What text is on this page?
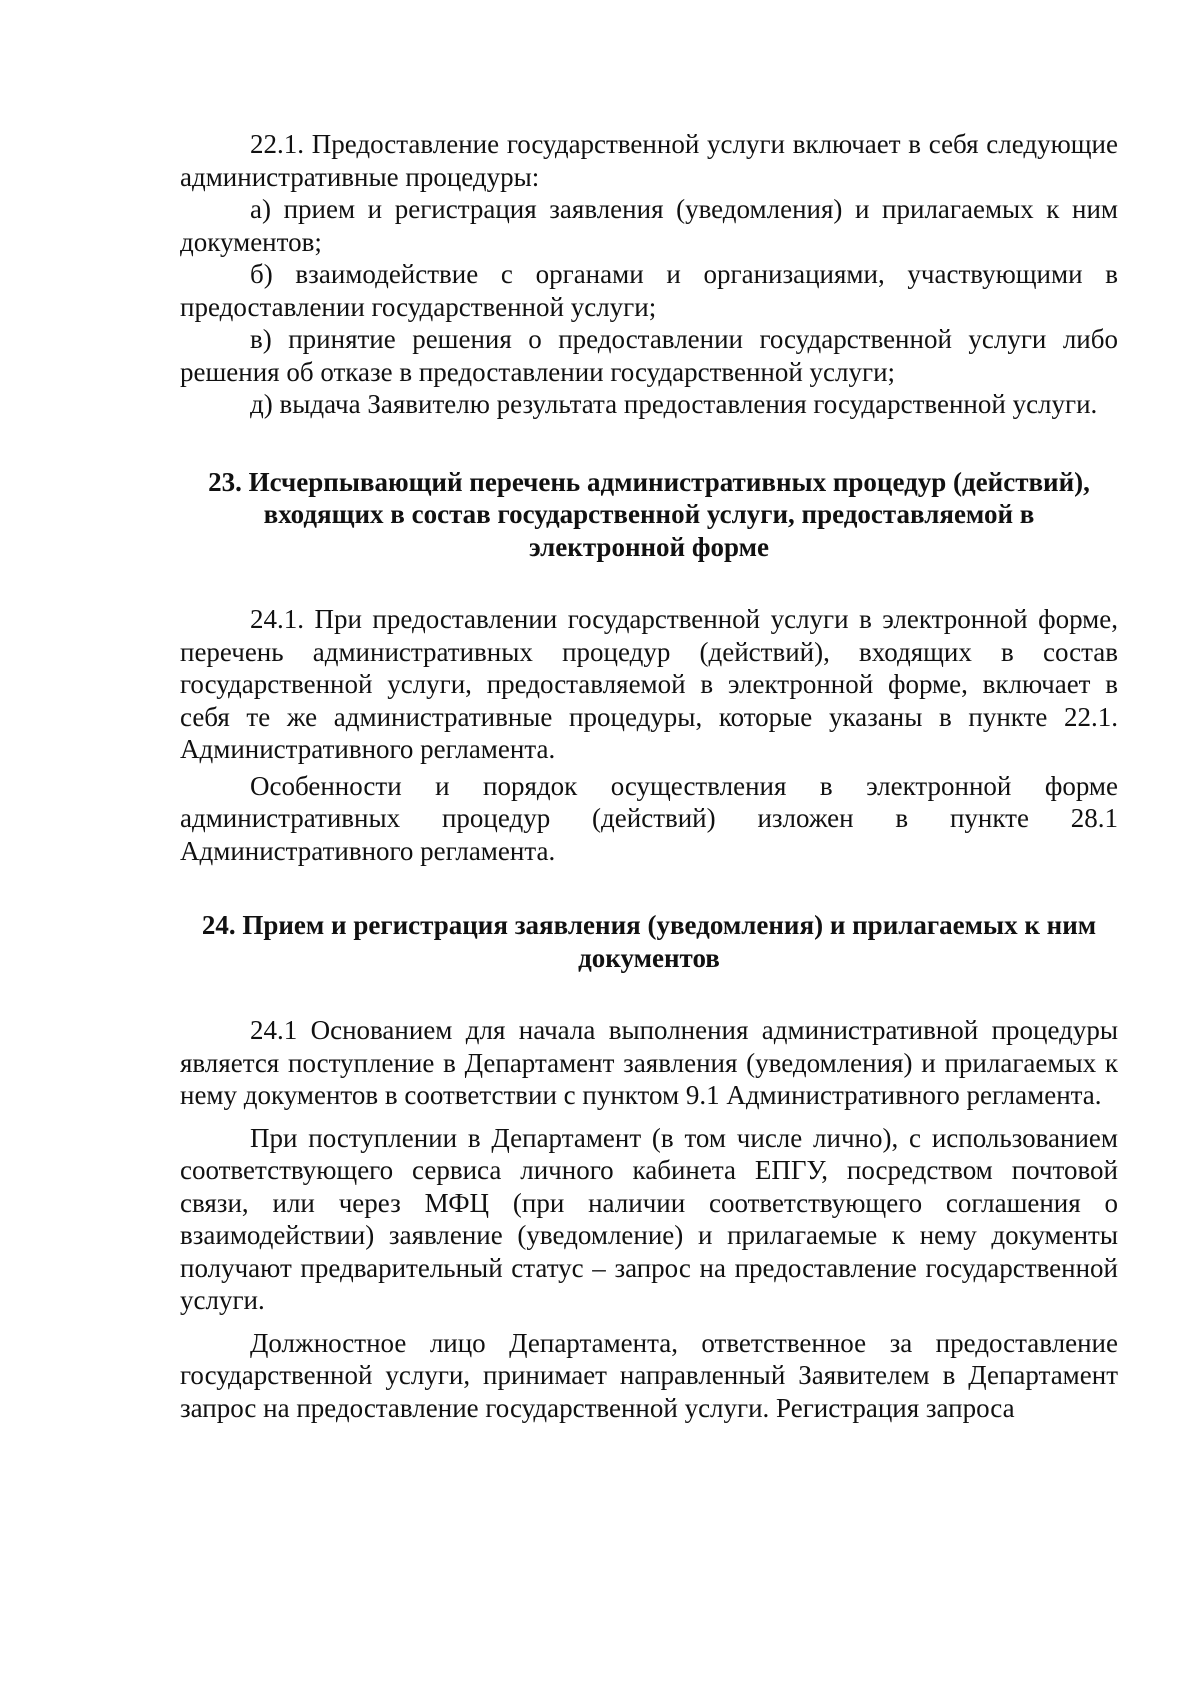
22.1. Предоставление государственной услуги включает в себя следующие административные процедуры:

а) прием и регистрация заявления (уведомления) и прилагаемых к ним документов;

б) взаимодействие с органами и организациями, участвующими в предоставлении государственной услуги;

в) принятие решения о предоставлении государственной услуги либо решения об отказе в предоставлении государственной услуги;

д) выдача Заявителю результата предоставления государственной услуги.

23. Исчерпывающий перечень административных процедур (действий), входящих в состав государственной услуги, предоставляемой в электронной форме

24.1. При предоставлении государственной услуги в электронной форме, перечень административных процедур (действий), входящих в состав государственной услуги, предоставляемой в электронной форме, включает в себя те же административные процедуры, которые указаны в пункте 22.1. Административного регламента.

Особенности и порядок осуществления в электронной форме административных процедур (действий) изложен в пункте 28.1 Административного регламента.

24. Прием и регистрация заявления (уведомления) и прилагаемых к ним документов

24.1 Основанием для начала выполнения административной процедуры является поступление в Департамент заявления (уведомления) и прилагаемых к нему документов в соответствии с пунктом 9.1 Административного регламента.

При поступлении в Департамент (в том числе лично), с использованием соответствующего сервиса личного кабинета ЕПГУ, посредством почтовой связи, или через МФЦ (при наличии соответствующего соглашения о взаимодействии) заявление (уведомление) и прилагаемые к нему документы получают предварительный статус – запрос на предоставление государственной услуги.

Должностное лицо Департамента, ответственное за предоставление государственной услуги, принимает направленный Заявителем в Департамент запрос на предоставление государственной услуги. Регистрация запроса
